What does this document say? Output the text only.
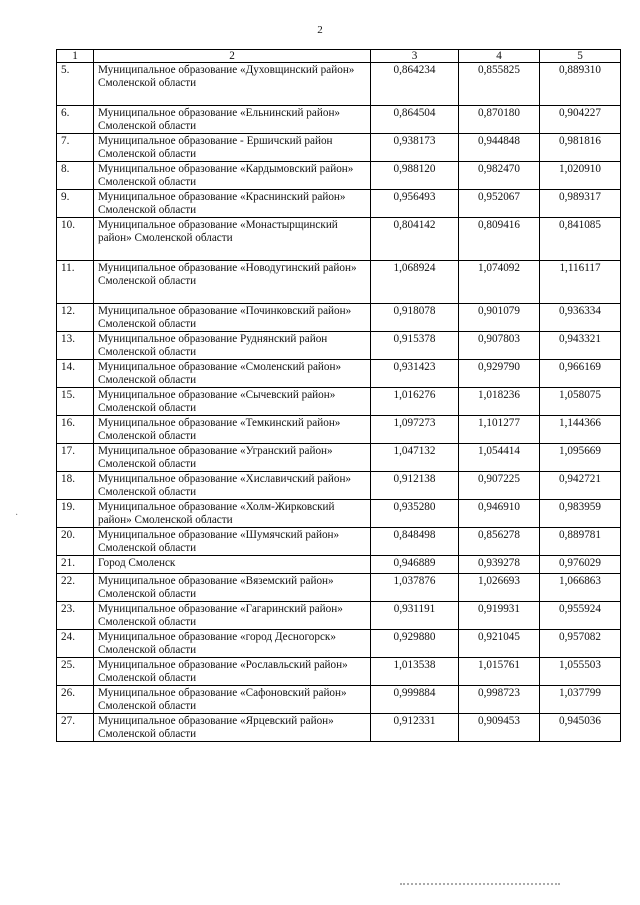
2
1	2	3	4	5
5.	Муниципальное образование «Духовщинский район» Смоленской области	0,864234	0,855825	0,889310
6.	Муниципальное образование «Ельнинский район» Смоленской области	0,864504	0,870180	0,904227
7.	Муниципальное образование - Ершичский район Смоленской области	0,938173	0,944848	0,981816
8.	Муниципальное образование «Кардымовский район» Смоленской области	0,988120	0,982470	1,020910
9.	Муниципальное образование «Краснинский район» Смоленской области	0,956493	0,952067	0,989317
10.	Муниципальное образование «Монастырщинский район» Смоленской области	0,804142	0,809416	0,841085
11.	Муниципальное образование «Новодугинский район» Смоленской области	1,068924	1,074092	1,116117
12.	Муниципальное образование «Починковский район» Смоленской области	0,918078	0,901079	0,936334
13.	Муниципальное образование Руднянский район Смоленской области	0,915378	0,907803	0,943321
14.	Муниципальное образование «Смоленский район» Смоленской области	0,931423	0,929790	0,966169
15.	Муниципальное образование «Сычевский район» Смоленской области	1,016276	1,018236	1,058075
16.	Муниципальное образование «Темкинский район» Смоленской области	1,097273	1,101277	1,144366
17.	Муниципальное образование «Угранский район» Смоленской области	1,047132	1,054414	1,095669
18.	Муниципальное образование «Хиславичский район» Смоленской области	0,912138	0,907225	0,942721
19.	Муниципальное образование «Холм-Жирковский район» Смоленской области	0,935280	0,946910	0,983959
20.	Муниципальное образование «Шумячский район» Смоленской области	0,848498	0,856278	0,889781
21.	Город Смоленск	0,946889	0,939278	0,976029
22.	Муниципальное образование «Вяземский район» Смоленской области	1,037876	1,026693	1,066863
23.	Муниципальное образование «Гагаринский район» Смоленской области	0,931191	0,919931	0,955924
24.	Муниципальное образование «город Десногорск» Смоленской области	0,929880	0,921045	0,957082
25.	Муниципальное образование «Рославльский район» Смоленской области	1,013538	1,015761	1,055503
26.	Муниципальное образование «Сафоновский район» Смоленской области	0,999884	0,998723	1,037799
27.	Муниципальное образование «Ярцевский район» Смоленской области	0,912331	0,909453	0,945036
·
